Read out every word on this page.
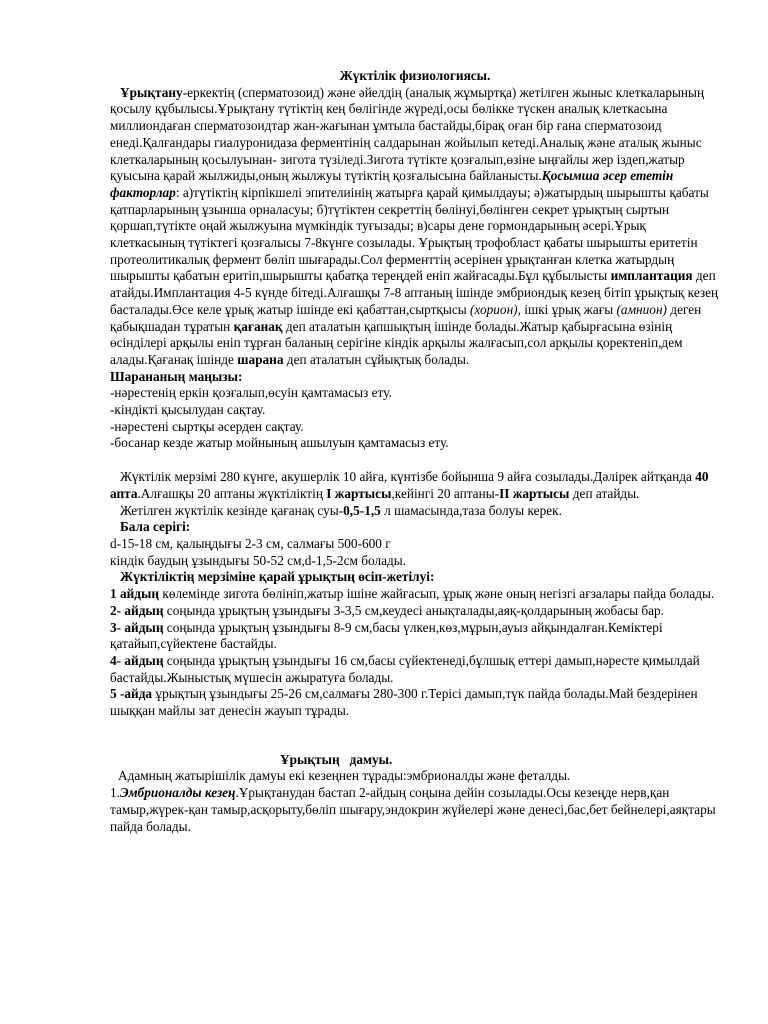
Жүктілік физиологиясы.

Ұрықтану-еркектің (сперматозоид) және әйелдің (аналық жұмыртқа) жетілген жыныс клеткаларының қосылу құбылысы.Ұрықтану түтіктің кең бөлігінде жүреді,осы бөлікке түскен аналық клеткасына миллиондаған сперматозоидтар жан-жағынан ұмтыла бастайды,бірақ оған бір ғана сперматозоид енеді.Қалғандары гиалуронидаза ферментінің салдарынан жойылып кетеді.Аналық және аталық жыныс клеткаларының қосылуынан- зигота түзіледі.Зигота түтікте қозғалып,өзіне ыңғайлы жер іздеп,жатыр қуысына қарай жылжиды,оның жылжуы түтіктің қозғалысына байланысты.Қосымша әсер ететін факторлар: а)түтіктің кірпікшелі эпителиінің жатырға қарай қимылдауы; ә)жатырдың шырышты қабаты қатпарларының ұзынша орналасуы; б)түтіктен секреттің бөлінуі,бөлінген секрет ұрықтың сыртын қоршап,түтікте оңай жылжуына мүмкіндік туғызады; в)сары дене гормондарының әсері.Ұрық клеткасының түтіктегі қозғалысы 7-8күнге созылады. Ұрықтың трофобласт қабаты шырышты еритетін протеолитикалық фермент бөліп шығарады.Сол ферменттің әсерінен ұрықтанған клетка жатырдың шырышты қабатын еритіп,шырышты қабатқа тереңдей еніп жайғасады.Бұл құбылысты имплантация деп атайды.Имплантация 4-5 күнде бітеді.Алғашқы 7-8 аптаның ішінде эмбриондық кезең бітіп ұрықтық кезең басталады.Өсе келе ұрық жатыр ішінде екі қабаттан,сыртқысы (хорион), ішкі ұрық жағы (амнион) деген қабықшадан тұратын қағанақ деп аталатын қапшықтың ішінде болады.Жатыр қабырғасына өзінің өсінділері арқылы еніп тұрған баланың серігіне кіндік арқылы жалғасып,сол арқылы қоректеніп,дем алады.Қағанақ ішінде шарана деп аталатын сұйықтық болады.

Шарананың маңызы:

-нәрестенің еркін қозғалып,өсуін қамтамасыз ету.

-кіндікті қысылудан сақтау.

-нәрестені сыртқы әсерден сақтау.

-босанар кезде жатыр мойнының ашылуын қамтамасыз ету.

Жүктілік мерзімі 280 күнге, акушерлік 10 айға, күнтізбе бойынша 9 айға созылады.Дәлірек айтқанда 40 апта.Алғашқы 20 аптаны жүктіліктің І жартысы,кейінгі 20 аптаны-ІІ жартысы деп атайды.

Жетілген жүктілік кезінде қағанақ суы-0,5-1,5 л шамасында,таза болуы керек.

Бала серігі:

d-15-18 см, қалыңдығы 2-3 см, салмағы 500-600 г

кіндік баудың ұзындығы 50-52 см,d-1,5-2см болады.

Жүктіліктің мерзіміне қарай ұрықтың өсіп-жетілуі:

1 айдың көлемінде зиготa бөлініп,жатыр ішіне жайғасып, ұрық және оның негізгі ағзалары пайда болады.

2- айдың соңында ұрықтың ұзындығы 3-3,5 см,кеудесі анықталады,аяқ-қолдарының жобасы бар.

3- айдың соңында ұрықтың ұзындығы 8-9 см,басы үлкен,көз,мұрын,ауыз айқындалған.Кеміктері қатайып,сүйектене бастайды.

4- айдың соңында ұрықтың ұзындығы 16 см,басы сүйектенеді,бұлшық еттері дамып,нәресте қимылдай бастайды.Жыныстық мүшесін ажыратуға болады.

5 -айда ұрықтың ұзындығы 25-26 см,салмағы 280-300 г.Терісі дамып,түк пайда болады.Май бездерінен шыққан майлы зат денесін жауып тұрады.

Ұрықтың   дамуы.

Адамның жатырішілік дамуы екі кезеңнен тұрады:эмбрионалды және феталды.

1.Эмбрионалды кезең.Ұрықтанудан бастап 2-айдың соңына дейін созылады.Осы кезеңде нерв,қан тамыр,жүрек-қан тамыр,асқорыту,бөліп шығару,эндокрин жүйелері және денесі,бас,бет бейнелері,аяқтары пайда болады.
